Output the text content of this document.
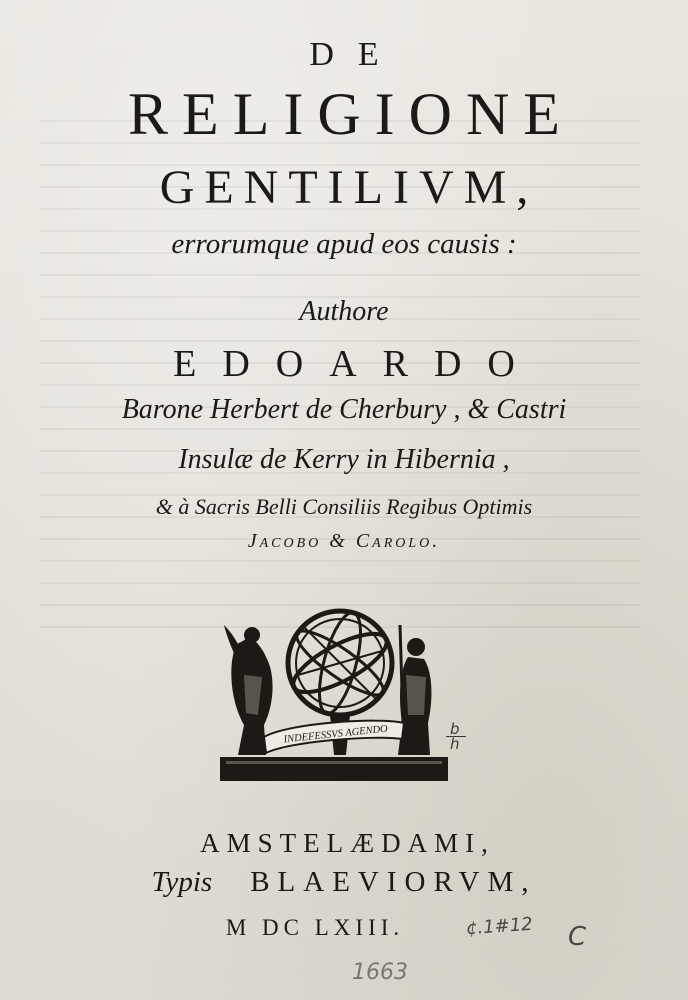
DE
RELIGIONE
GENTILIVM,
errorumque apud eos causis :
Authore
EDOARDO
Barone Herbert de Cherbury , & Castri
Insulæ de Kerry in Hibernia ,
& à Sacris Belli Consiliis Regibus Optimis
Jacobo & Carolo.
INDEFESSVS AGENDO	b
h
AMSTELÆDAMI,
Typis BLAEVIORVM,
M DC LXIII.	¢.1#12 C
1663
